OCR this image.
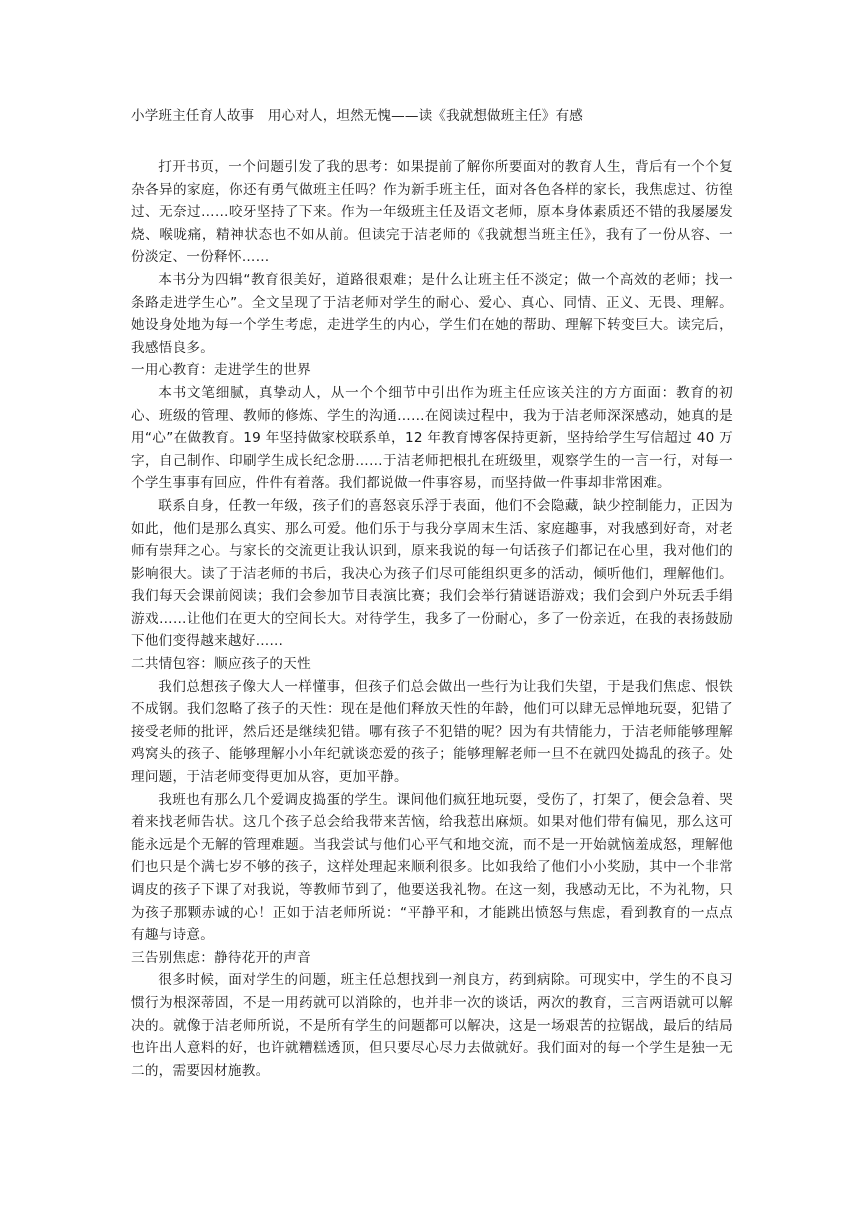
小学班主任育人故事　用心对人，坦然无愧——读《我就想做班主任》有感

打开书页，一个问题引发了我的思考：如果提前了解你所要面对的教育人生，背后有一个个复杂各异的家庭，你还有勇气做班主任吗？作为新手班主任，面对各色各样的家长，我焦虑过、彷徨过、无奈过……咬牙坚持了下来。作为一年级班主任及语文老师，原本身体素质还不错的我屡屡发烧、喉咙痛，精神状态也不如从前。但读完于洁老师的《我就想当班主任》，我有了一份从容、一份淡定、一份释怀……

本书分为四辑“教育很美好，道路很艰难；是什么让班主任不淡定；做一个高效的老师；找一条路走进学生心”。全文呈现了于洁老师对学生的耐心、爱心、真心、同情、正义、无畏、理解。她设身处地为每一个学生考虑，走进学生的内心，学生们在她的帮助、理解下转变巨大。读完后，我感悟良多。

一用心教育：走进学生的世界

本书文笔细腻，真挚动人，从一个个细节中引出作为班主任应该关注的方方面面：教育的初心、班级的管理、教师的修炼、学生的沟通……在阅读过程中，我为于洁老师深深感动，她真的是用“心”在做教育。19 年坚持做家校联系单，12 年教育博客保持更新，坚持给学生写信超过 40 万字，自己制作、印刷学生成长纪念册……于洁老师把根扎在班级里，观察学生的一言一行，对每一个学生事事有回应，件件有着落。我们都说做一件事容易，而坚持做一件事却非常困难。

联系自身，任教一年级，孩子们的喜怒哀乐浮于表面，他们不会隐藏，缺少控制能力，正因为如此，他们是那么真实、那么可爱。他们乐于与我分享周末生活、家庭趣事，对我感到好奇，对老师有崇拜之心。与家长的交流更让我认识到，原来我说的每一句话孩子们都记在心里，我对他们的影响很大。读了于洁老师的书后，我决心为孩子们尽可能组织更多的活动，倾听他们，理解他们。我们每天会课前阅读；我们会参加节目表演比赛；我们会举行猜谜语游戏；我们会到户外玩丢手绢游戏……让他们在更大的空间长大。对待学生，我多了一份耐心，多了一份亲近，在我的表扬鼓励下他们变得越来越好……

二共情包容：顺应孩子的天性

我们总想孩子像大人一样懂事，但孩子们总会做出一些行为让我们失望，于是我们焦虑、恨铁不成钢。我们忽略了孩子的天性：现在是他们释放天性的年龄，他们可以肆无忌惮地玩耍，犯错了接受老师的批评，然后还是继续犯错。哪有孩子不犯错的呢？因为有共情能力，于洁老师能够理解鸡窝头的孩子、能够理解小小年纪就谈恋爱的孩子；能够理解老师一旦不在就四处捣乱的孩子。处理问题，于洁老师变得更加从容，更加平静。

我班也有那么几个爱调皮捣蛋的学生。课间他们疯狂地玩耍，受伤了，打架了，便会急着、哭着来找老师告状。这几个孩子总会给我带来苦恼，给我惹出麻烦。如果对他们带有偏见，那么这可能永远是个无解的管理难题。当我尝试与他们心平气和地交流，而不是一开始就恼羞成怒，理解他们也只是个满七岁不够的孩子，这样处理起来顺利很多。比如我给了他们小小奖励，其中一个非常调皮的孩子下课了对我说，等教师节到了，他要送我礼物。在这一刻，我感动无比，不为礼物，只为孩子那颗赤诚的心！正如于洁老师所说：“平静平和，才能跳出愤怒与焦虑，看到教育的一点点有趣与诗意。

三告别焦虑：静待花开的声音

很多时候，面对学生的问题，班主任总想找到一剂良方，药到病除。可现实中，学生的不良习惯行为根深蒂固，不是一用药就可以消除的，也并非一次的谈话，两次的教育，三言两语就可以解决的。就像于洁老师所说，不是所有学生的问题都可以解决，这是一场艰苦的拉锯战，最后的结局也许出人意料的好，也许就糟糕透顶，但只要尽心尽力去做就好。我们面对的每一个学生是独一无二的，需要因材施教。
